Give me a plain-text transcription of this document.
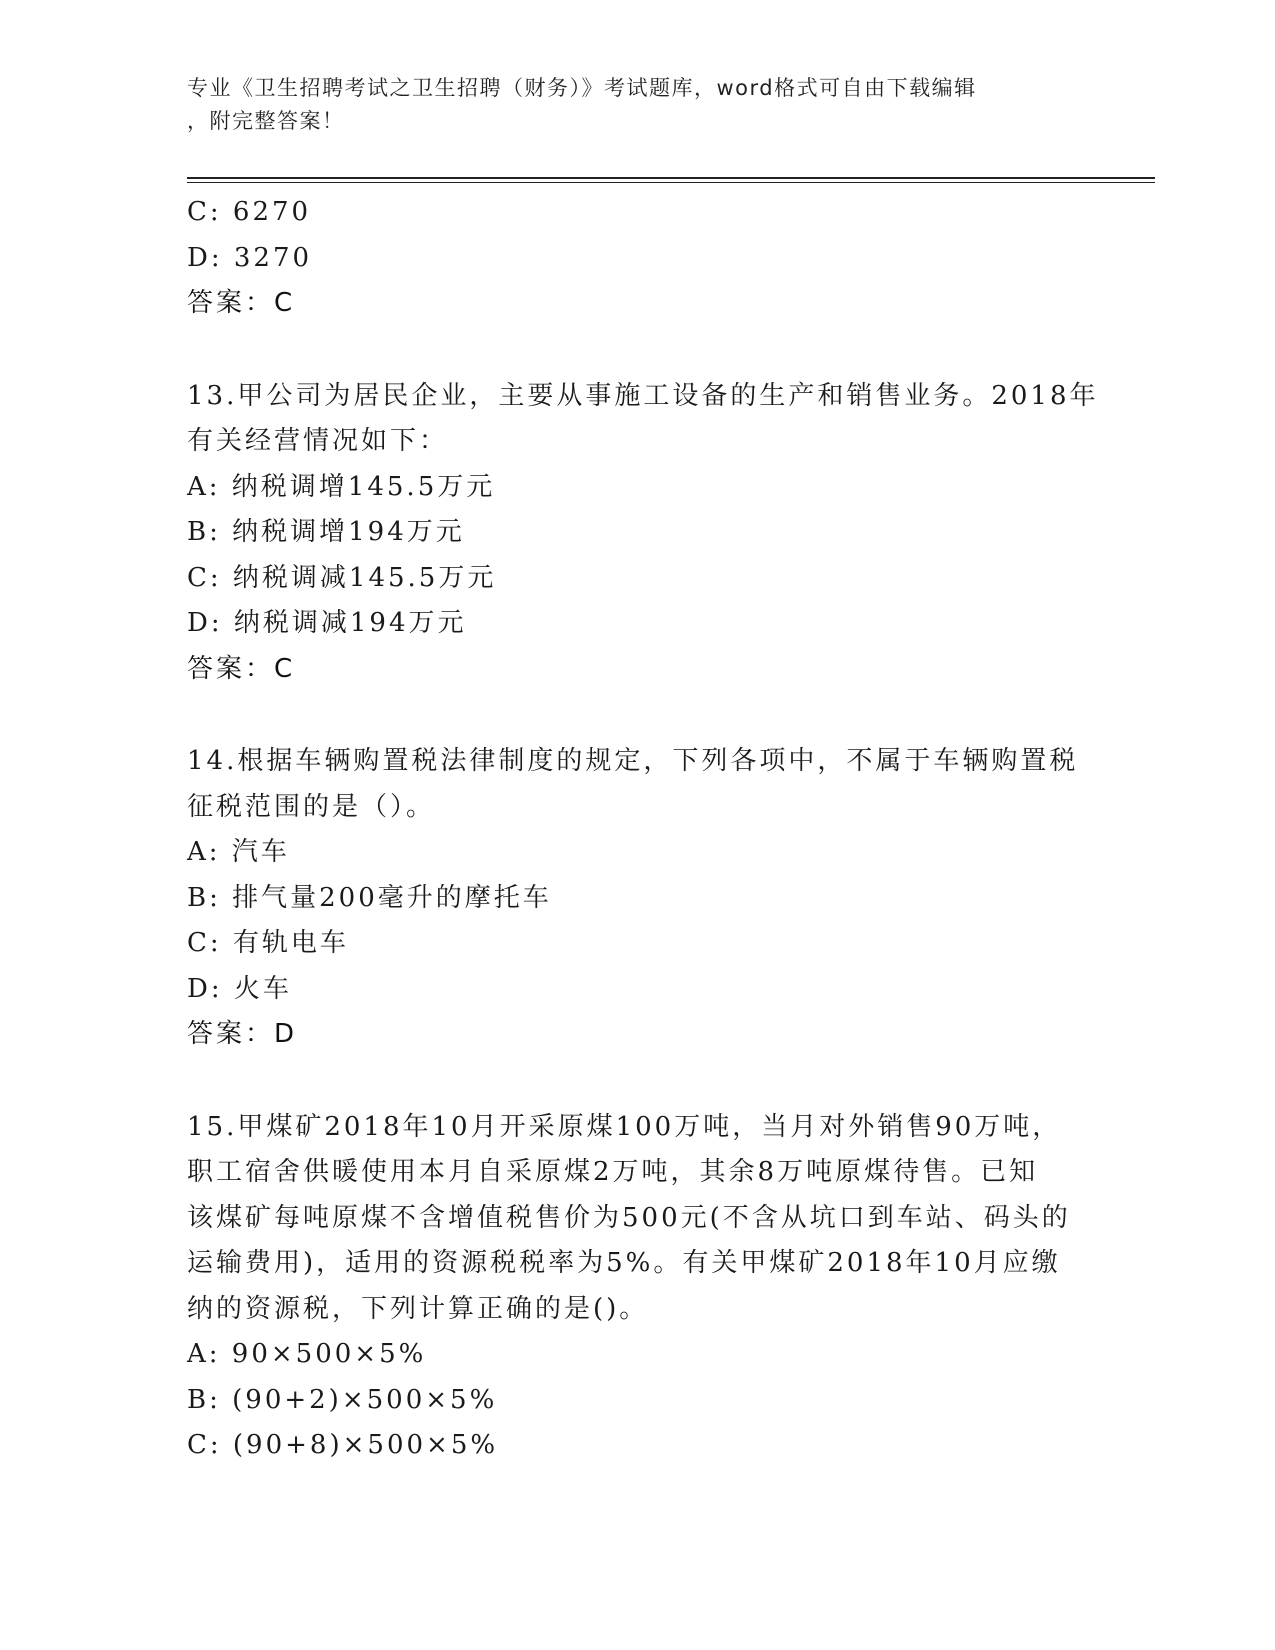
专业《卫生招聘考试之卫生招聘（财务）》考试题库，word格式可自由下载编辑
，附完整答案！
C: 6270
D: 3270
答案：C
13.甲公司为居民企业，主要从事施工设备的生产和销售业务。2018年
有关经营情况如下：
A: 纳税调增145.5万元
B: 纳税调增194万元
C: 纳税调减145.5万元
D: 纳税调减194万元
答案：C
14.根据车辆购置税法律制度的规定，下列各项中，不属于车辆购置税
征税范围的是（）。
A: 汽车
B: 排气量200毫升的摩托车
C: 有轨电车
D: 火车
答案：D
15.甲煤矿2018年10月开采原煤100万吨，当月对外销售90万吨，
职工宿舍供暖使用本月自采原煤2万吨，其余8万吨原煤待售。已知
该煤矿每吨原煤不含增值税售价为500元(不含从坑口到车站、码头的
运输费用)，适用的资源税税率为5%。有关甲煤矿2018年10月应缴
纳的资源税，下列计算正确的是()。
A: 90×500×5%
B: (90+2)×500×5%
C: (90+8)×500×5%
